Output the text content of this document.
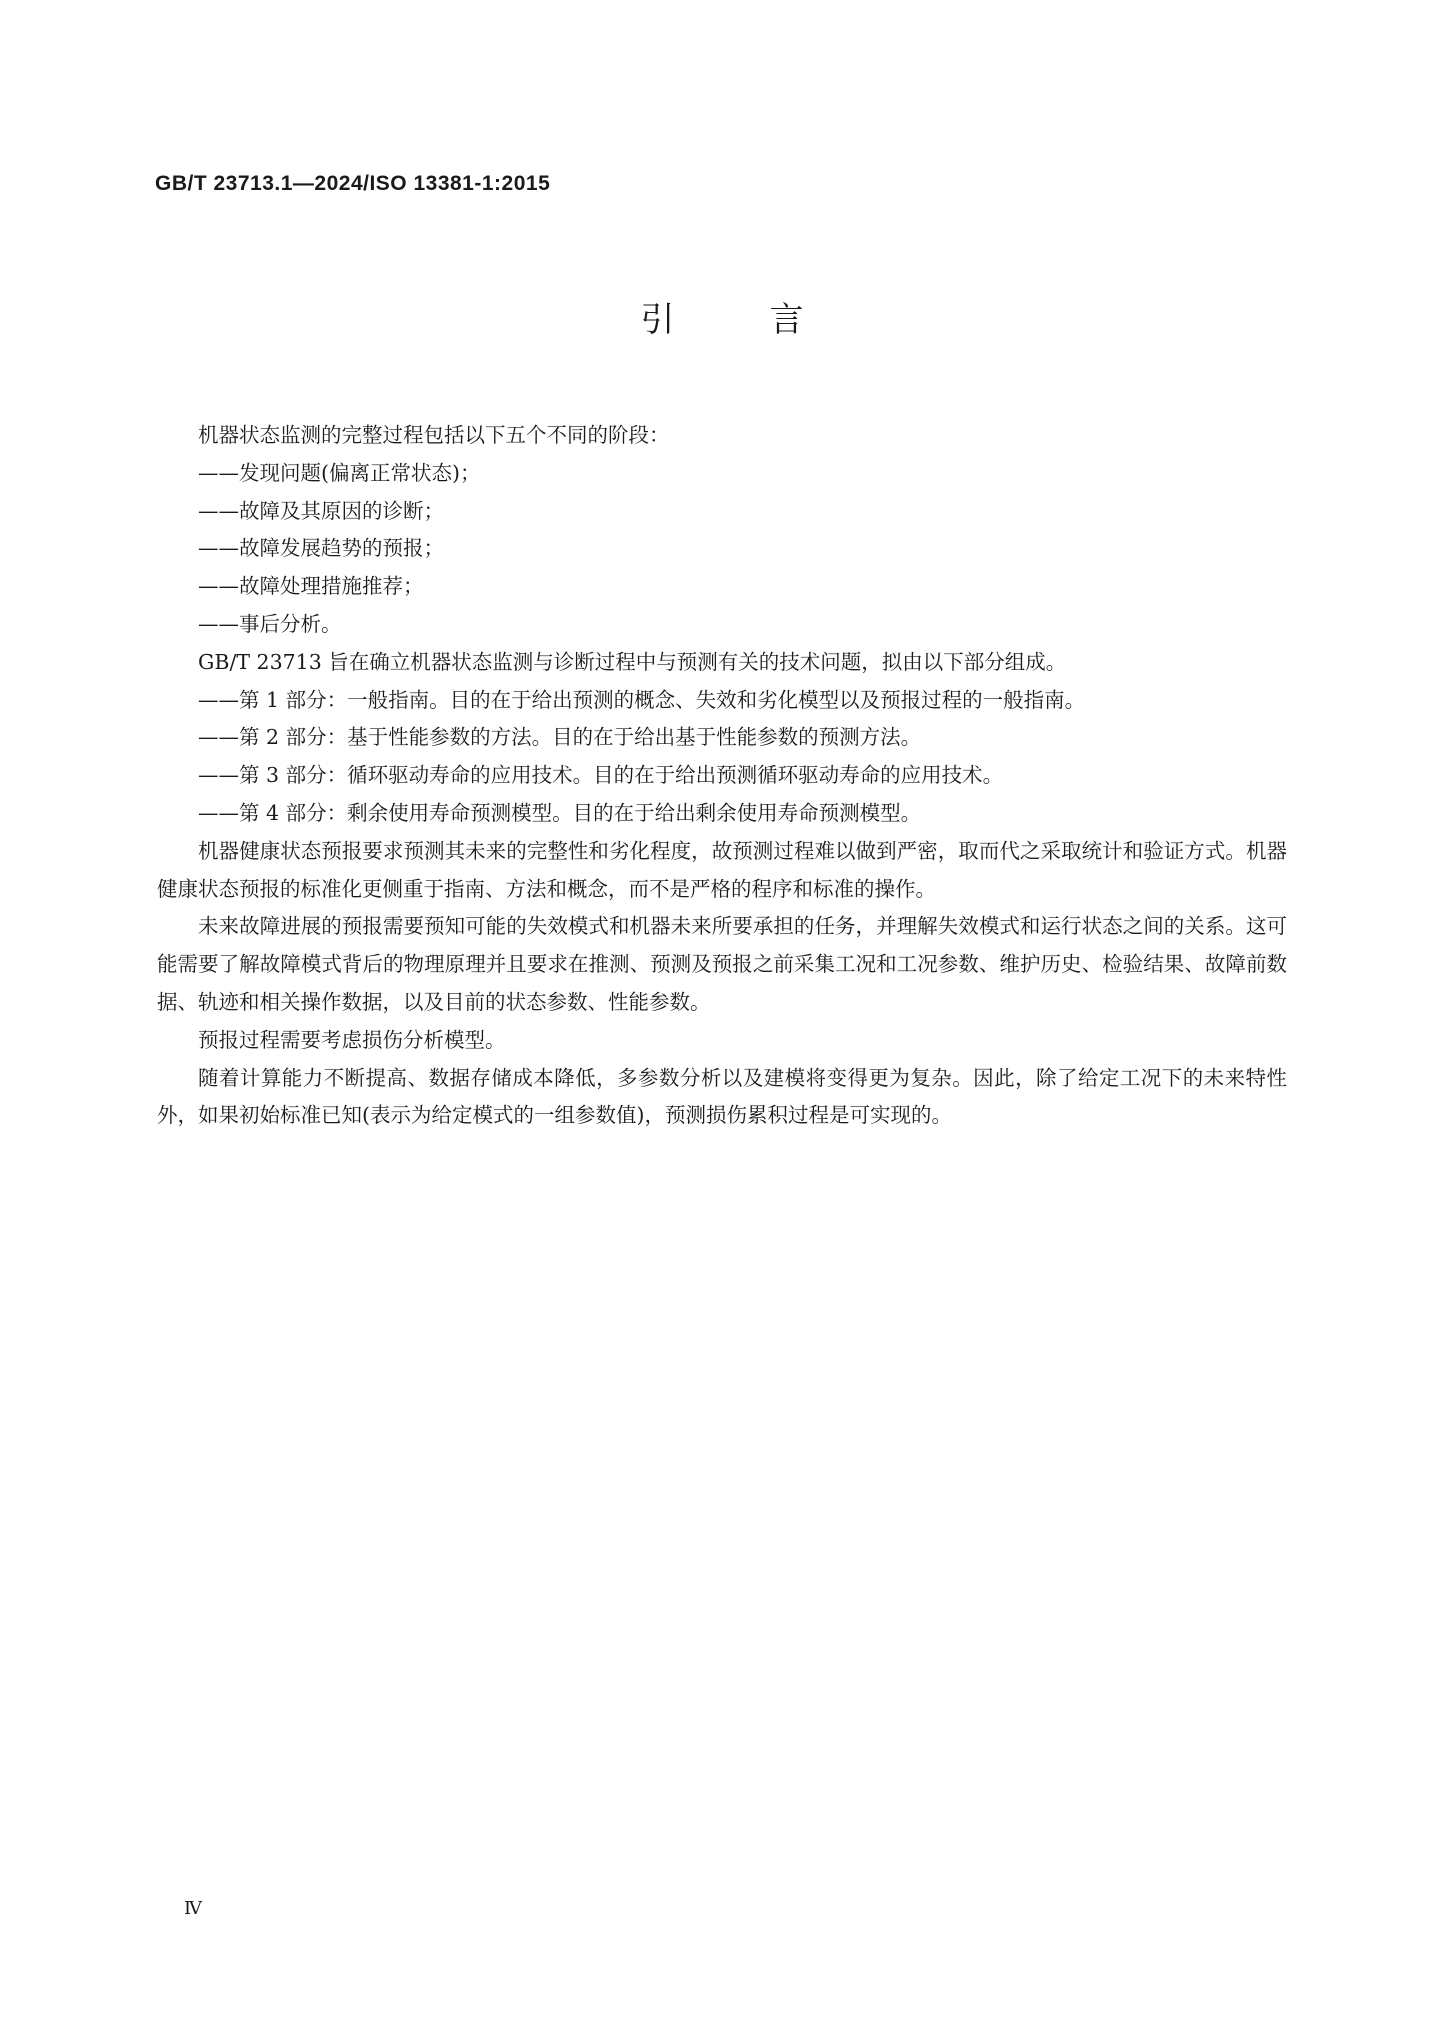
GB/T 23713.1—2024/ISO 13381-1:2015
引	言

机器状态监测的完整过程包括以下五个不同的阶段：

——发现问题(偏离正常状态)；

——故障及其原因的诊断；

——故障发展趋势的预报；

——故障处理措施推荐；

——事后分析。

GB/T 23713 旨在确立机器状态监测与诊断过程中与预测有关的技术问题，拟由以下部分组成。

——第 1 部分：一般指南。目的在于给出预测的概念、失效和劣化模型以及预报过程的一般指南。

——第 2 部分：基于性能参数的方法。目的在于给出基于性能参数的预测方法。

——第 3 部分：循环驱动寿命的应用技术。目的在于给出预测循环驱动寿命的应用技术。

——第 4 部分：剩余使用寿命预测模型。目的在于给出剩余使用寿命预测模型。

机器健康状态预报要求预测其未来的完整性和劣化程度，故预测过程难以做到严密，取而代之采取统计和验证方式。机器健康状态预报的标准化更侧重于指南、方法和概念，而不是严格的程序和标准的操作。

未来故障进展的预报需要预知可能的失效模式和机器未来所要承担的任务，并理解失效模式和运行状态之间的关系。这可能需要了解故障模式背后的物理原理并且要求在推测、预测及预报之前采集工况和工况参数、维护历史、检验结果、故障前数据、轨迹和相关操作数据，以及目前的状态参数、性能参数。

预报过程需要考虑损伤分析模型。

随着计算能力不断提高、数据存储成本降低，多参数分析以及建模将变得更为复杂。因此，除了给定工况下的未来特性外，如果初始标准已知(表示为给定模式的一组参数值)，预测损伤累积过程是可实现的。

Ⅳ
